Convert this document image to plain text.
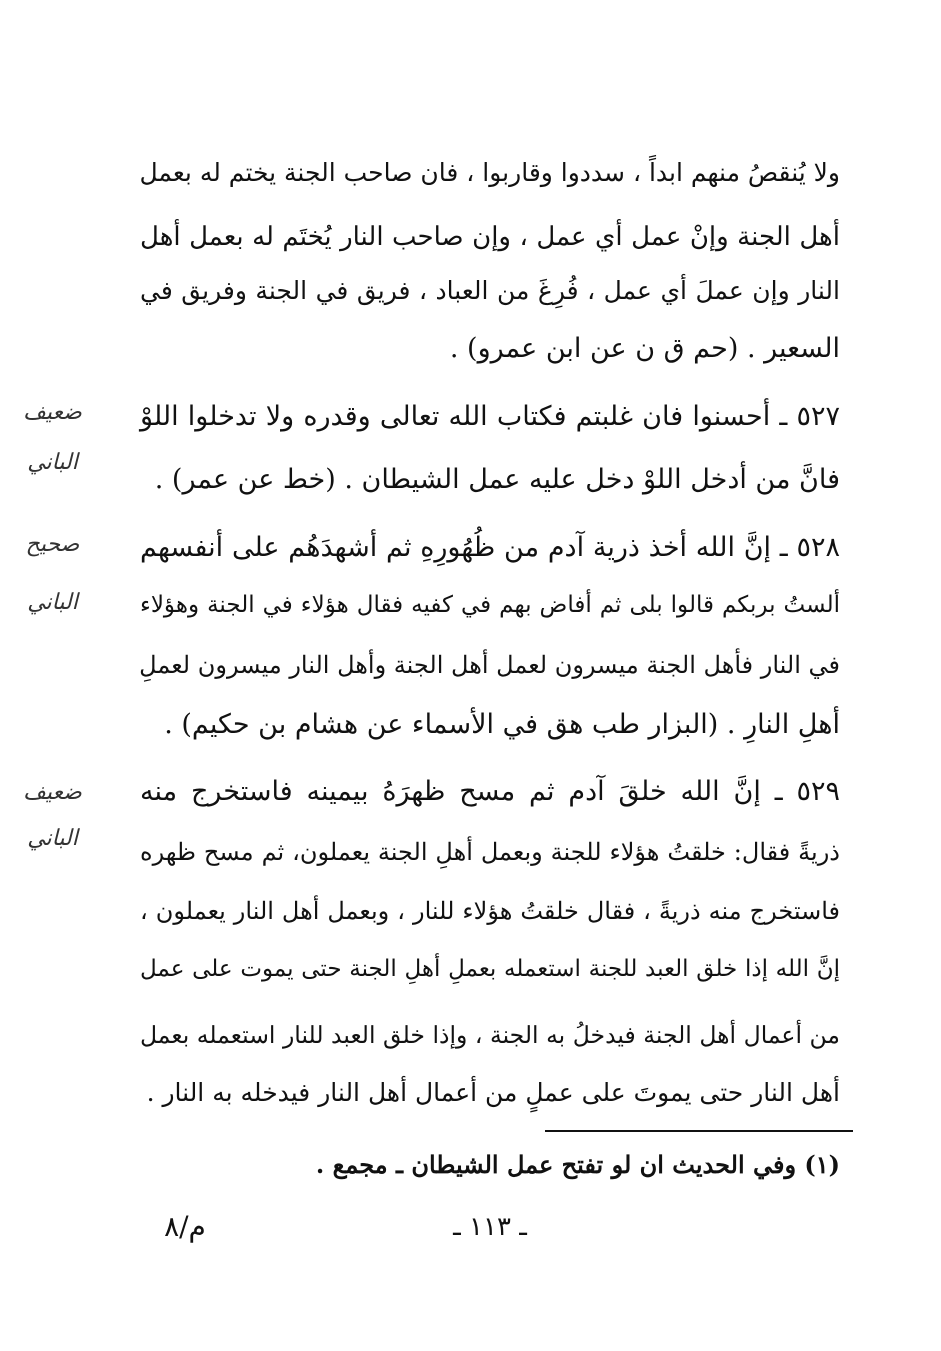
ولا يُنقصُ منهم ابداً ، سددوا وقاربوا ، فان صاحب الجنة يختم له بعمل
أهل الجنة وإنْ عمل أي عمل ، وإن صاحب النار يُختَم له بعمل أهل
النار وإن عملَ أي عمل ، فُرِغَ من العباد ، فريق في الجنة وفريق في
السعير . (حم ق ن عن ابن عمرو) .
٥٢٧ ـ أحسنوا فان غلبتم فكتاب الله تعالى وقدره ولا تدخلوا اللوْ
فانَّ من أدخل اللوْ دخل عليه عمل الشيطان . (خط عن عمر) .
٥٢٨ ـ إنَّ الله أخذ ذرية آدم من ظُهُورِهِ ثم أشهدَهُم على أنفسهم
ألستُ بربكم قالوا بلى ثم أفاض بهم في كفيه فقال هؤلاء في الجنة وهؤلاء
في النار فأهل الجنة ميسرون لعمل أهل الجنة وأهل النار ميسرون لعملِ
أهلِ النارِ . (البزار طب هق في الأسماء عن هشام بن حكيم) .
٥٢٩ ـ إنَّ الله خلقَ آدم ثم مسح ظهرَهُ بيمينه فاستخرج منه
ذريةً فقال: خلقتُ هؤلاء للجنة وبعمل أهلِ الجنة يعملون، ثم مسح ظهره
فاستخرج منه ذريةً ، فقال خلقتُ هؤلاء للنار ، وبعمل أهل النار يعملون ،
إنَّ الله إذا خلق العبد للجنة استعمله بعملِ أهلِ الجنة حتى يموت على عمل
من أعمال أهل الجنة فيدخلُ به الجنة ، وإذا خلق العبد للنار استعمله بعمل
أهل النار حتى يموتَ على عملٍ من أعمال أهل النار فيدخله به النار .
ضعيف
الباني
صحيح
الباني
ضعيف
الباني
(١) وفي الحديث ان لو تفتح عمل الشيطان ـ مجمع .
ـ ١١٣ ـ
م/٨
